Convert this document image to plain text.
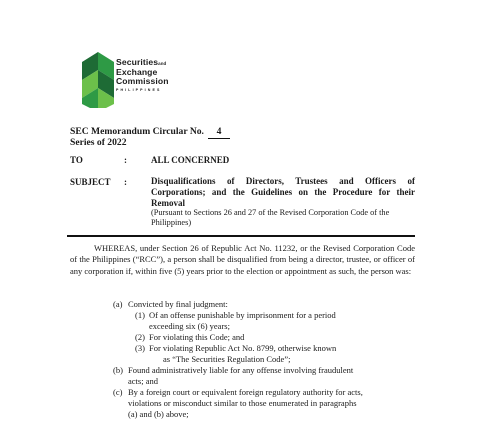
Securitiesand
Exchange
Commission
PHILIPPINES
SEC Memorandum Circular No. 4
Series of 2022
TO	:	ALL CONCERNED
SUBJECT :	Disqualifications of Directors, Trustees and Officers of Corporations; and the Guidelines on the Procedure for their Removal
(Pursuant to Sections 26 and 27 of the Revised Corporation Code of the Philippines)
WHEREAS, under Section 26 of Republic Act No. 11232, or the Revised Corporation Code of the Philippines (“RCC”), a person shall be disqualified from being a director, trustee, or officer of any corporation if, within five (5) years prior to the election or appointment as such, the person was:
(a) Convicted by final judgment:
(1) Of an offense punishable by imprisonment for a period
exceeding six (6) years;
(2) For violating this Code; and
(3) For violating Republic Act No. 8799, otherwise known
as “The Securities Regulation Code”;
(b) Found administratively liable for any offense involving fraudulent
acts; and
(c) By a foreign court or equivalent foreign regulatory authority for acts,
violations or misconduct similar to those enumerated in paragraphs
(a) and (b) above;
